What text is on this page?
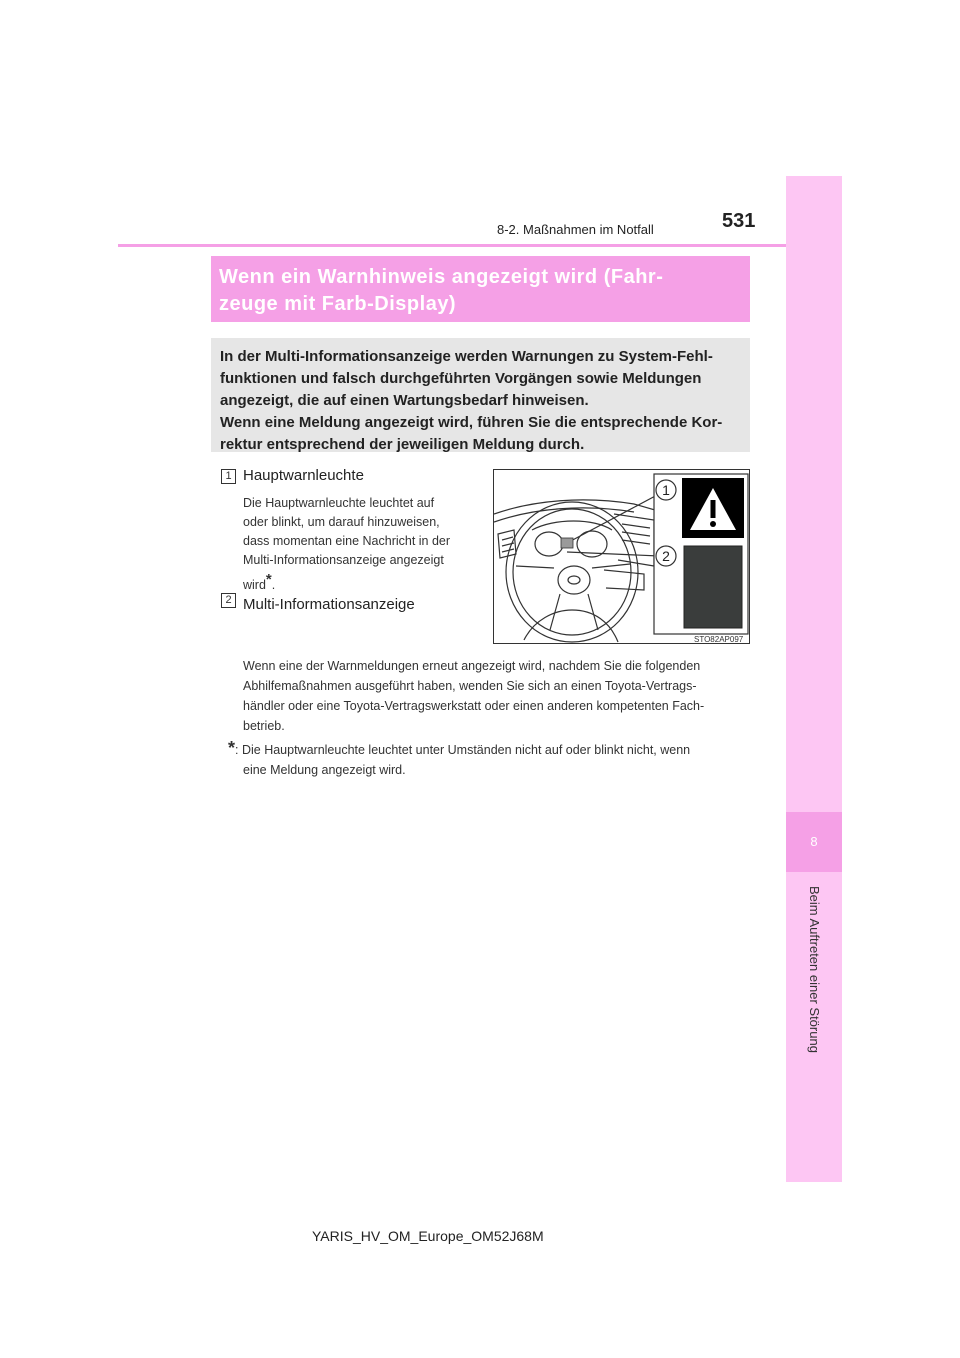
8
Beim Auftreten einer Störung
8-2. Maßnahmen im Notfall	531
Wenn ein Warnhinweis angezeigt wird (Fahr-
zeuge mit Farb-Display)

In der Multi-Informationsanzeige werden Warnungen zu System-Fehl-
funktionen und falsch durchgeführten Vorgängen sowie Meldungen
angezeigt, die auf einen Wartungsbedarf hinweisen.
Wenn eine Meldung angezeigt wird, führen Sie die entsprechende Kor-
rektur entsprechend der jeweiligen Meldung durch.

1 Hauptwarnleuchte
Die Hauptwarnleuchte leuchtet auf
oder blinkt, um darauf hinzuweisen,
dass momentan eine Nachricht in der
Multi-Informationsanzeige angezeigt
wird*.
2 Multi-Informationsanzeige
1
2
STO82AP097
Wenn eine der Warnmeldungen erneut angezeigt wird, nachdem Sie die folgenden
Abhilfemaßnahmen ausgeführt haben, wenden Sie sich an einen Toyota-Vertrags-
händler oder eine Toyota-Vertragswerkstatt oder einen anderen kompetenten Fach-
betrieb.
*: Die Hauptwarnleuchte leuchtet unter Umständen nicht auf oder blinkt nicht, wenn
eine Meldung angezeigt wird.
YARIS_HV_OM_Europe_OM52J68M
